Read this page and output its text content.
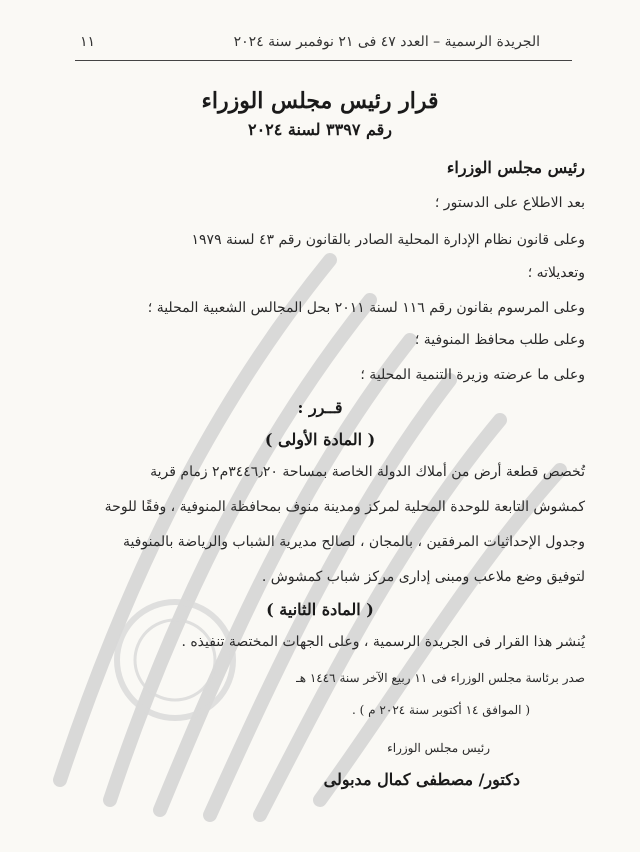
الجريدة الرسمية – العدد ٤٧ فى ٢١ نوفمبر سنة ٢٠٢٤
١١
قرار رئيس مجلس الوزراء
رقم ٣٣٩٧ لسنة ٢٠٢٤
رئيس مجلس الوزراء
بعد الاطلاع على الدستور ؛
وعلى قانون نظام الإدارة المحلية الصادر بالقانون رقم ٤٣ لسنة ١٩٧٩
وتعديلاته ؛
وعلى المرسوم بقانون رقم ١١٦ لسنة ٢٠١١ بحل المجالس الشعبية المحلية ؛
وعلى طلب محافظ المنوفية ؛
وعلى ما عرضته وزيرة التنمية المحلية ؛
قــرر :
( المادة الأولى )
تُخصص قطعة أرض من أملاك الدولة الخاصة بمساحة ٣٤٤٦٫٢٠م٢ زمام قرية
كمشوش التابعة للوحدة المحلية لمركز ومدينة منوف بمحافظة المنوفية ، وفقًا للوحة
وجدول الإحداثيات المرفقين ، بالمجان ، لصالح مديرية الشباب والرياضة بالمنوفية
لتوفيق وضع ملاعب ومبنى إدارى مركز شباب كمشوش .
( المادة الثانية )
يُنشر هذا القرار فى الجريدة الرسمية ، وعلى الجهات المختصة تنفيذه .
صدر برئاسة مجلس الوزراء فى ١١ ربيع الآخر سنة ١٤٤٦ هـ
( الموافق ١٤ أكتوبر سنة ٢٠٢٤ م ) .
رئيس مجلس الوزراء
دكتور/ مصطفى كمال مدبولى
